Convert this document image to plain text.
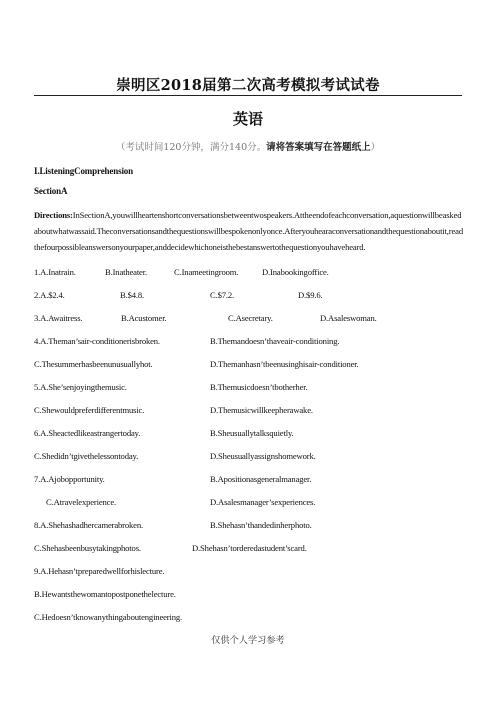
崇明区2018届第二次高考模拟考试试卷
英语
（考试时间120分钟，满分140分。请将答案填写在答题纸上）
I.ListeningComprehension
SectionA
Directions:InSectionA,youwillheartenshortconversationsbetweentwospeakers.Attheendofeachconversation,aquestionwillbeaskedaboutwhatwassaid.Theconversationsandthequestionswillbespokenonlyonce.Afteryouhearaconversationandthequestionaboutit,readthefourpossibleanswersonyourpaper,anddecidewhichoneisthebestanswertothequestionyouhaveheard.
1.A.Inatrain.	B.Inatheater.	C.Inameetingroom.	D.Inabookingoffice.
2.A.$2.4.	B.$4.8.	C.$7.2.	D.$9.6.
3.A.Awaitress.	B.Acustomer.	C.Asecretary.	D.Asaleswoman.
4.A.Theman’sair-conditionerisbroken.	B.Themandoesn’thaveair-conditioning.
C.Thesummerhasbeenunusuallyhot.	D.Themanhasn’tbeenusinghisair-conditioner.
5.A.She’senjoyingthemusic.	B.Themusicdoesn’tbotherher.
C.Shewouldpreferdifferentmusic.	D.Themusicwillkeepherawake.
6.A.Sheactedlikeastrangertoday.	B.Sheusuallytalksquietly.
C.Shedidn’tgivethelessontoday.	D.Sheusuallyassignshomework.
7.A.Ajobopportunity.	B.Apositionasgeneralmanager.
C.Atravelexperience.	D.Asalesmanager’sexperiences.
8.A.Shehashadhercamerabroken.	B.Shehasn’thandedinherphoto.
C.Shehasbeenbusytakingphotos.	D.Shehasn’torderedastudent’scard.
9.A.Hehasn’tpreparedwellforhislecture.
B.Hewantsthewomantopostponethelecture.
C.Hedoesn’tknowanythingaboutengineering.
仅供个人学习参考
